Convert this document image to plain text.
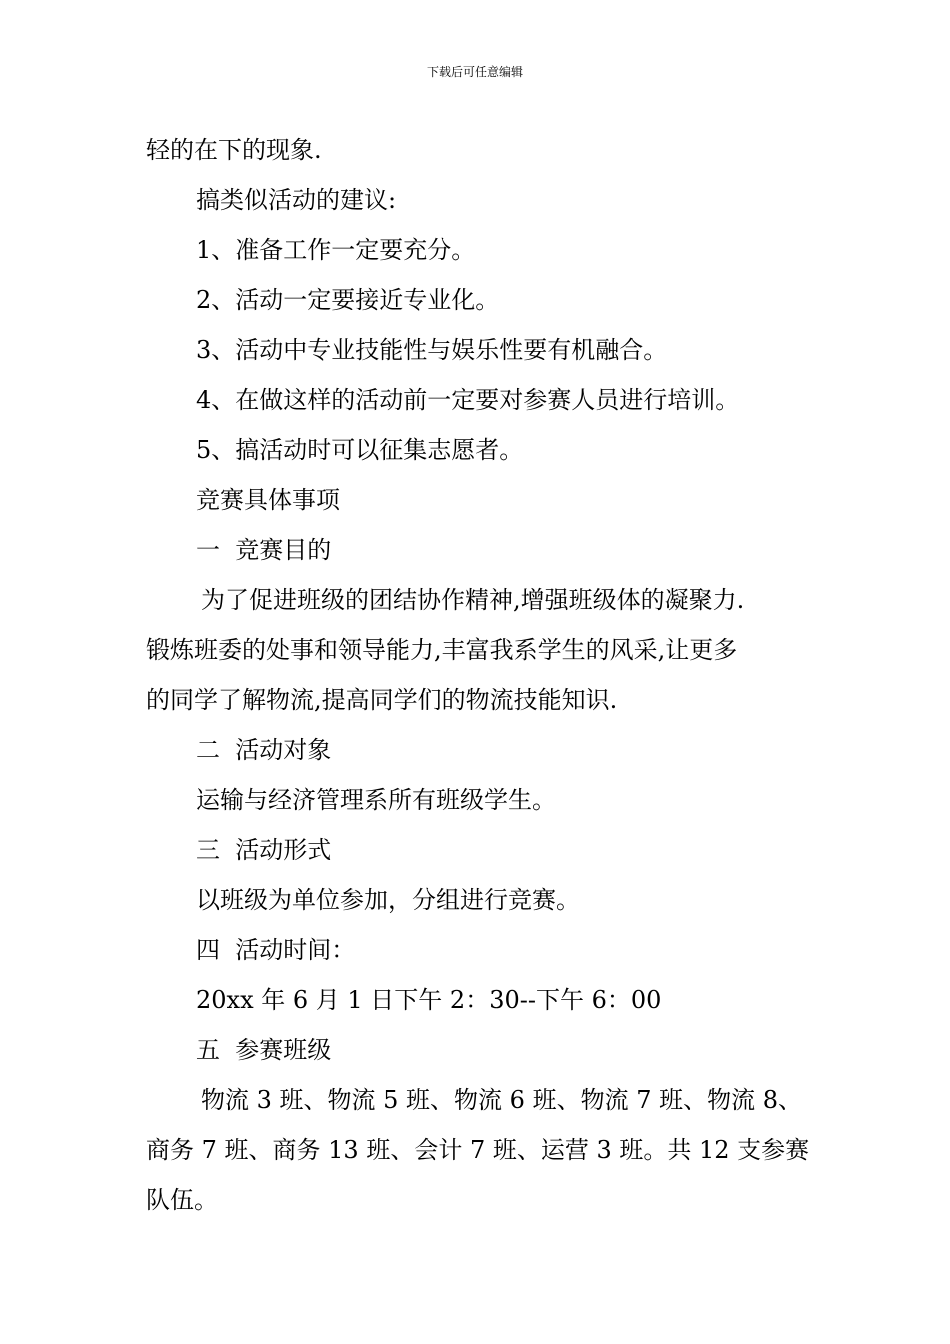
下载后可任意编辑

轻的在下的现象.

搞类似活动的建议:

1、准备工作一定要充分。

2、活动一定要接近专业化。

3、活动中专业技能性与娱乐性要有机融合。

4、在做这样的活动前一定要对参赛人员进行培训。

5、搞活动时可以征集志愿者。

竞赛具体事项

一  竞赛目的

为了促进班级的团结协作精神,增强班级体的凝聚力.

锻炼班委的处事和领导能力,丰富我系学生的风采,让更多

的同学了解物流,提高同学们的物流技能知识.

二  活动对象

运输与经济管理系所有班级学生。

三  活动形式

以班级为单位参加，分组进行竞赛。

四  活动时间：

20xx 年 6 月 1 日下午 2：30--下午 6：00

五  参赛班级

物流 3 班、物流 5 班、物流 6 班、物流 7 班、物流 8、

商务 7 班、商务 13 班、会计 7 班、运营 3 班。共 12 支参赛

队伍。
